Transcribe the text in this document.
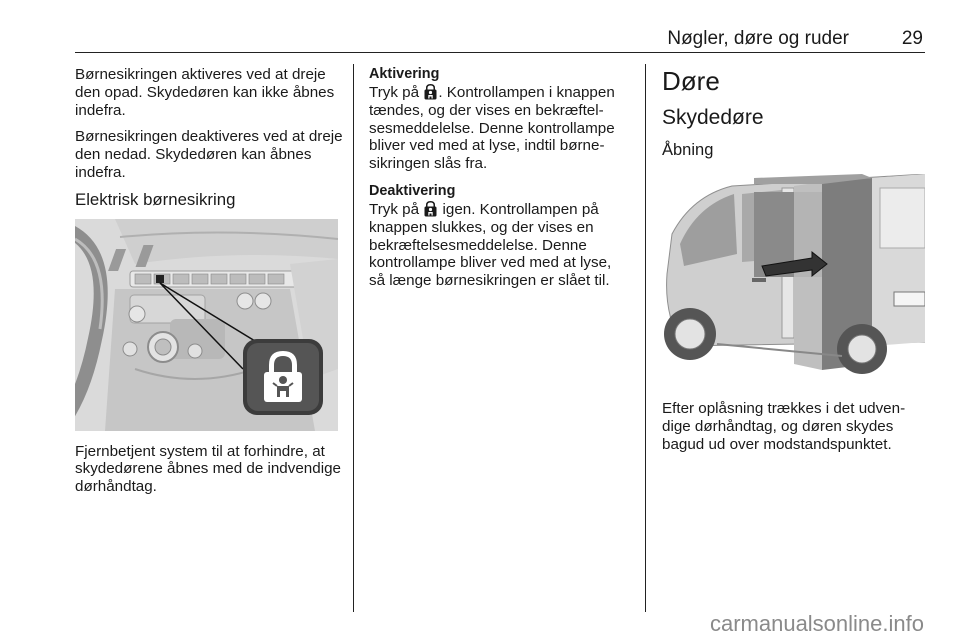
Nøgler, døre og ruder	29

Børnesikringen aktiveres ved at dreje den opad. Skydedøren kan ikke åbnes indefra.

Børnesikringen deaktiveres ved at dreje den nedad. Skydedøren kan åbnes indefra.

Elektrisk børnesikring

Fjernbetjent system til at forhindre, at skydedørene åbnes med de indvendige dørhåndtag.

Aktivering

Tryk på . Kontrollampen i knappen tændes, og der vises en bekræftelsesmeddelelse. Denne kontrollampe bliver ved med at lyse, indtil børnesikringen slås fra.

Deaktivering

Tryk på  igen. Kontrollampen på knappen slukkes, og der vises en bekræftelsesmeddelelse. Denne kontrollampe bliver ved med at lyse, så længe børnesikringen er slået til.

Døre
Skydedøre
Åbning

Efter oplåsning trækkes i det udvendige dørhåndtag, og døren skydes bagud ud over modstandspunktet.

carmanualsonline.info
